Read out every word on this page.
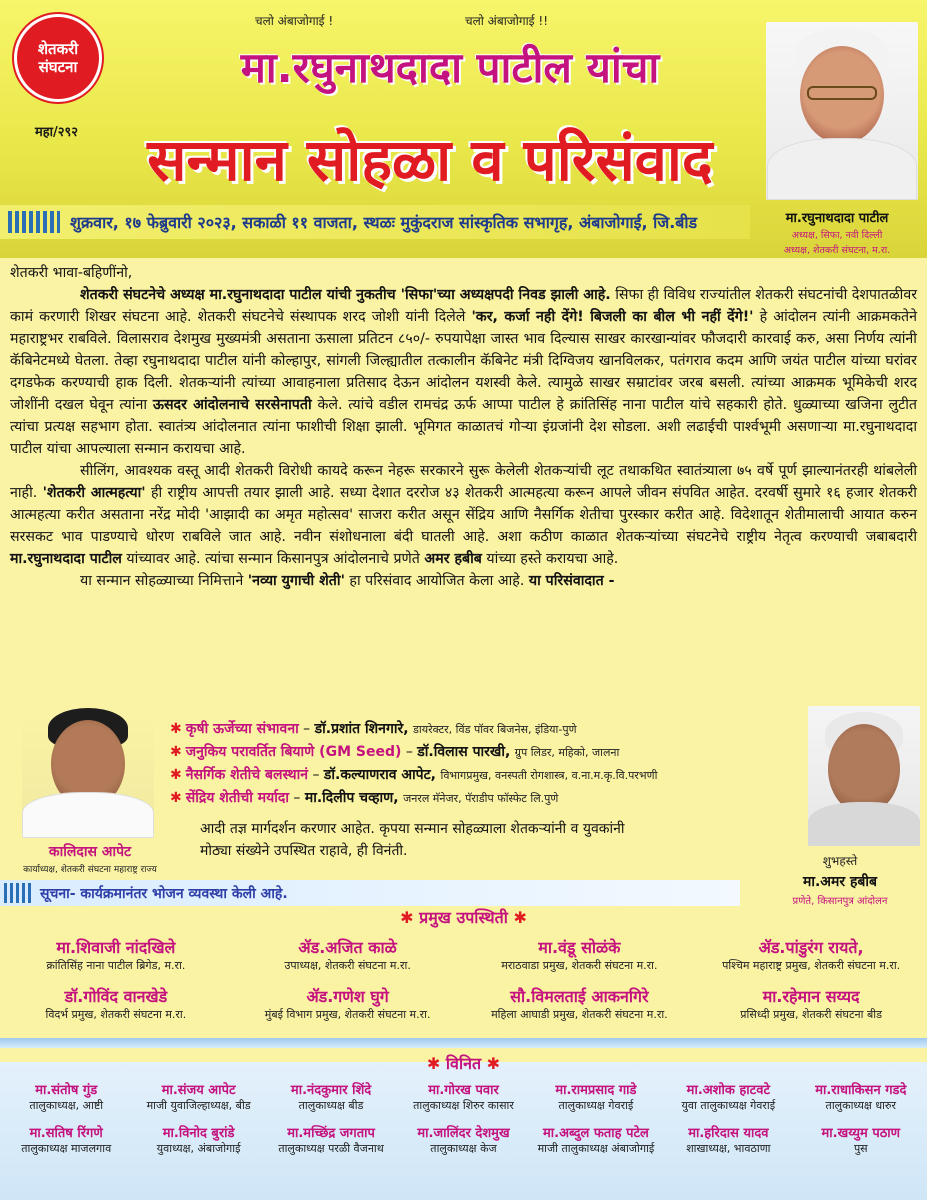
शेतकरी
संघटना
महा/२९२
चलो अंबाजोगाई !	चलो अंबाजोगाई !!
मा.रघुनाथदादा पाटील यांचा
सन्मान सोहळा व परिसंवाद
शुक्रवार, १७ फेब्रुवारी २०२३, सकाळी ११ वाजता, स्थळः मुकुंदराज सांस्कृतिक सभागृह, अंबाजोगाई, जि.बीड	मा.रघुनाथदादा पाटील
अध्यक्ष, सिफा, नवी दिल्ली
अध्यक्ष, शेतकरी संघटना, म.रा.

शेतकरी भावा-बहिणींनो,

शेतकरी संघटनेचे अध्यक्ष मा.रघुनाथदादा पाटील यांची नुकतीच 'सिफा'च्या अध्यक्षपदी निवड झाली आहे. सिफा ही विविध राज्यांतील शेतकरी संघटनांची देशपातळीवर कामं करणारी शिखर संघटना आहे. शेतकरी संघटनेचे संस्थापक शरद जोशी यांनी दिलेले 'कर, कर्जा नही देंगे! बिजली का बील भी नहीं देंगे!' हे आंदोलन त्यांनी आक्रमकतेने महाराष्ट्रभर राबविले. विलासराव देशमुख मुख्यमंत्री असताना ऊसाला प्रतिटन ८५०/- रुपयापेक्षा जास्त भाव दिल्यास साखर कारखान्यांवर फौजदारी कारवाई करु, असा निर्णय त्यांनी कॅबिनेटमध्ये घेतला. तेव्हा रघुनाथदादा पाटील यांनी कोल्हापुर, सांगली जिल्ह्यातील तत्कालीन कॅबिनेट मंत्री दिग्विजय खानविलकर, पतंगराव कदम आणि जयंत पाटील यांच्या घरांवर दगडफेक करण्याची हाक दिली. शेतकऱ्यांनी त्यांच्या आवाहनाला प्रतिसाद देऊन आंदोलन यशस्वी केले. त्यामुळे साखर सम्राटांवर जरब बसली. त्यांच्या आक्रमक भूमिकेची शरद जोशींनी दखल घेवून त्यांना ऊसदर आंदोलनाचे सरसेनापती केले. त्यांचे वडील रामचंद्र ऊर्फ आप्पा पाटील हे क्रांतिसिंह नाना पाटील यांचे सहकारी होते. धुळ्याच्या खजिना लुटीत त्यांचा प्रत्यक्ष सहभाग होता. स्वातंत्र्य आंदोलनात त्यांना फाशीची शिक्षा झाली. भूमिगत काळातचं गोऱ्या इंग्रजांनी देश सोडला. अशी लढाईची पार्श्वभूमी असणाऱ्या मा.रघुनाथदादा पाटील यांचा आपल्याला सन्मान करायचा आहे.

सीलिंग, आवश्यक वस्तू आदी शेतकरी विरोधी कायदे करून नेहरू सरकारने सुरू केलेली शेतकऱ्यांची लूट तथाकथित स्वातंत्र्याला ७५ वर्षे पूर्ण झाल्यानंतरही थांबलेली नाही. 'शेतकरी आत्महत्या' ही राष्ट्रीय आपत्ती तयार झाली आहे. सध्या देशात दररोज ४३ शेतकरी आत्महत्या करून आपले जीवन संपवित आहेत. दरवर्षी सुमारे १६ हजार शेतकरी आत्महत्या करीत असताना नरेंद्र मोदी 'आझादी का अमृत महोत्सव' साजरा करीत असून सेंद्रिय आणि नैसर्गिक शेतीचा पुरस्कार करीत आहे. विदेशातून शेतीमालाची आयात करुन सरसकट भाव पाडण्याचे धोरण राबविले जात आहे. नवीन संशोधनाला बंदी घातली आहे. अशा कठीण काळात शेतकऱ्यांच्या संघटनेचे राष्ट्रीय नेतृत्व करण्याची जबाबदारी मा.रघुनाथदादा पाटील यांच्यावर आहे. त्यांचा सन्मान किसानपुत्र आंदोलनाचे प्रणेते अमर हबीब यांच्या हस्ते करायचा आहे.

या सन्मान सोहळ्याच्या निमित्ताने 'नव्या युगाची शेती' हा परिसंवाद आयोजित केला आहे. या परिसंवादात -

✱ कृषी ऊर्जेच्या संभावना – डॉ.प्रशांत शिनगारे, डायरेक्टर, विंड पॉवर बिजनेस, इंडिया-पुणे
✱ जनुकिय परावर्तित बियाणे (GM Seed) – डॉ.विलास पारखी, ग्रुप लिडर, महिको, जालना
✱ नैसर्गिक शेतीचे बलस्थानं – डॉ.कल्याणराव आपेट, विभागप्रमुख, वनस्पती रोगशास्त्र, व.ना.म.कृ.वि.परभणी
✱ सेंद्रिय शेतीची मर्यादा – मा.दिलीप चव्हाण, जनरल मॅनेजर, पॅराडीप फॉस्फेट लि.पुणे
आदी तज्ञ मार्गदर्शन करणार आहेत. कृपया सन्मान सोहळ्याला शेतकऱ्यांनी व युवकांनी
मोठ्या संख्येने उपस्थित राहावे, ही विनंती.
कालिदास आपेट
कार्याध्यक्ष, शेतकरी संघटना महाराष्ट्र राज्य
शुभहस्ते
मा.अमर हबीब
प्रणेते, किसानपुत्र आंदोलन
सूचना- कार्यक्रमानंतर भोजन व्यवस्था केली आहे.
✱ प्रमुख उपस्थिती ✱
मा.शिवाजी नांदखिले
क्रांतिसिंह नाना पाटील ब्रिगेड, म.रा.
ॲड.अजित काळे
उपाध्यक्ष, शेतकरी संघटना म.रा.
मा.वंडू सोळंके
मराठवाडा प्रमुख, शेतकरी संघटना म.रा.
ॲड.पांडुरंग रायते,
पश्चिम महाराष्ट्र प्रमुख, शेतकरी संघटना म.रा.
डॉ.गोविंद वानखेडे
विदर्भ प्रमुख, शेतकरी संघटना म.रा.
ॲड.गणेश घुगे
मुंबई विभाग प्रमुख, शेतकरी संघटना म.रा.
सौ.विमलताई आकनगिरे
महिला आघाडी प्रमुख, शेतकरी संघटना म.रा.
मा.रहेमान सय्यद
प्रसिध्दी प्रमुख, शेतकरी संघटना बीड
✱ विनित ✱
मा.संतोष गुंड
तालुकाध्यक्ष, आष्टी
मा.संजय आपेट
माजी युवाजिल्हाध्यक्ष, बीड
मा.नंदकुमार शिंदे
तालुकाध्यक्ष बीड
मा.गोरख पवार
तालुकाध्यक्ष शिरुर कासार
मा.रामप्रसाद गाडे
तालुकाध्यक्ष गेवराई
मा.अशोक हाटवटे
युवा तालुकाध्यक्ष गेवराई
मा.राधाकिसन गडदे
तालुकाध्यक्ष धारुर
मा.सतिष रिंगणे
तालुकाध्यक्ष माजलगाव
मा.विनोद बुरांडे
युवाध्यक्ष, अंबाजोगाई
मा.मच्छिंद्र जगताप
तालुकाध्यक्ष परळी वैजनाथ
मा.जालिंदर देशमुख
तालुकाध्यक्ष केज
मा.अब्दुल फताह पटेल
माजी तालुकाध्यक्ष अंबाजोगाई
मा.हरिदास यादव
शाखाध्यक्ष, भावठाणा
मा.खय्युम पठाण
पुस
